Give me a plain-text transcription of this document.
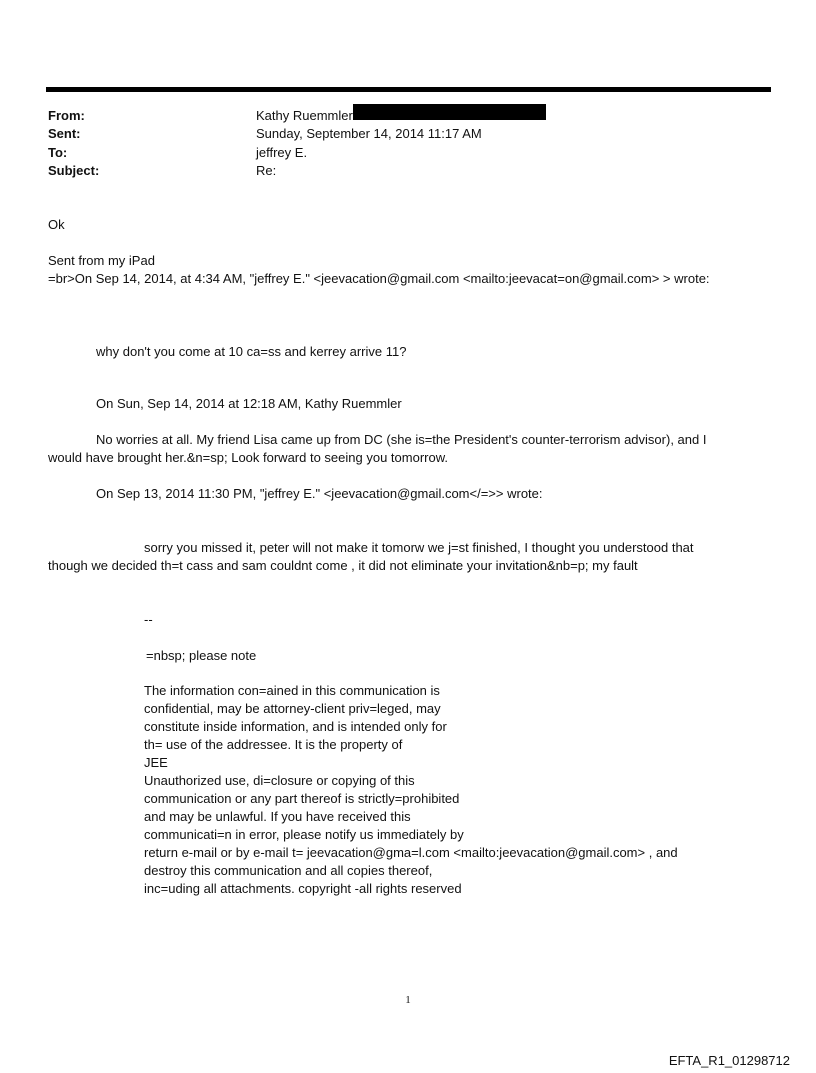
From:	Kathy Ruemmler
Sent:	Sunday, September 14, 2014 11:17 AM
To:	jeffrey E.
Subject:	Re:
Ok
Sent from my iPad
=br>On Sep 14, 2014, at 4:34 AM, "jeffrey E." <jeevacation@gmail.com <mailto:jeevacat=on@gmail.com> > wrote:
why don't you come at 10 ca=ss and kerrey arrive 11?
On Sun, Sep 14, 2014 at 12:18 AM, Kathy Ruemmler
No worries at all. My friend Lisa came up from DC (she is=the President's counter-terrorism advisor), and I
would have brought her.&n=sp; Look forward to seeing you tomorrow.
On Sep 13, 2014 11:30 PM, "jeffrey E." <jeevacation@gmail.com</=>> wrote:
sorry you missed it, peter will not make it tomorw we j=st finished, I thought you understood that
though we decided th=t cass and sam couldnt come , it did not eliminate your invitation&nb=p; my fault
--
=nbsp; please note
The information con=ained in this communication is
confidential, may be attorney-client priv=leged, may
constitute inside information, and is intended only for
th= use of the addressee. It is the property of
JEE
Unauthorized use, di=closure or copying of this
communication or any part thereof is strictly=prohibited
and may be unlawful. If you have received this
communicati=n in error, please notify us immediately by
return e-mail or by e-mail t= jeevacation@gma=l.com <mailto:jeevacation@gmail.com> , and
destroy this communication and all copies thereof,
inc=uding all attachments. copyright -all rights reserved
1
EFTA_R1_01298712
